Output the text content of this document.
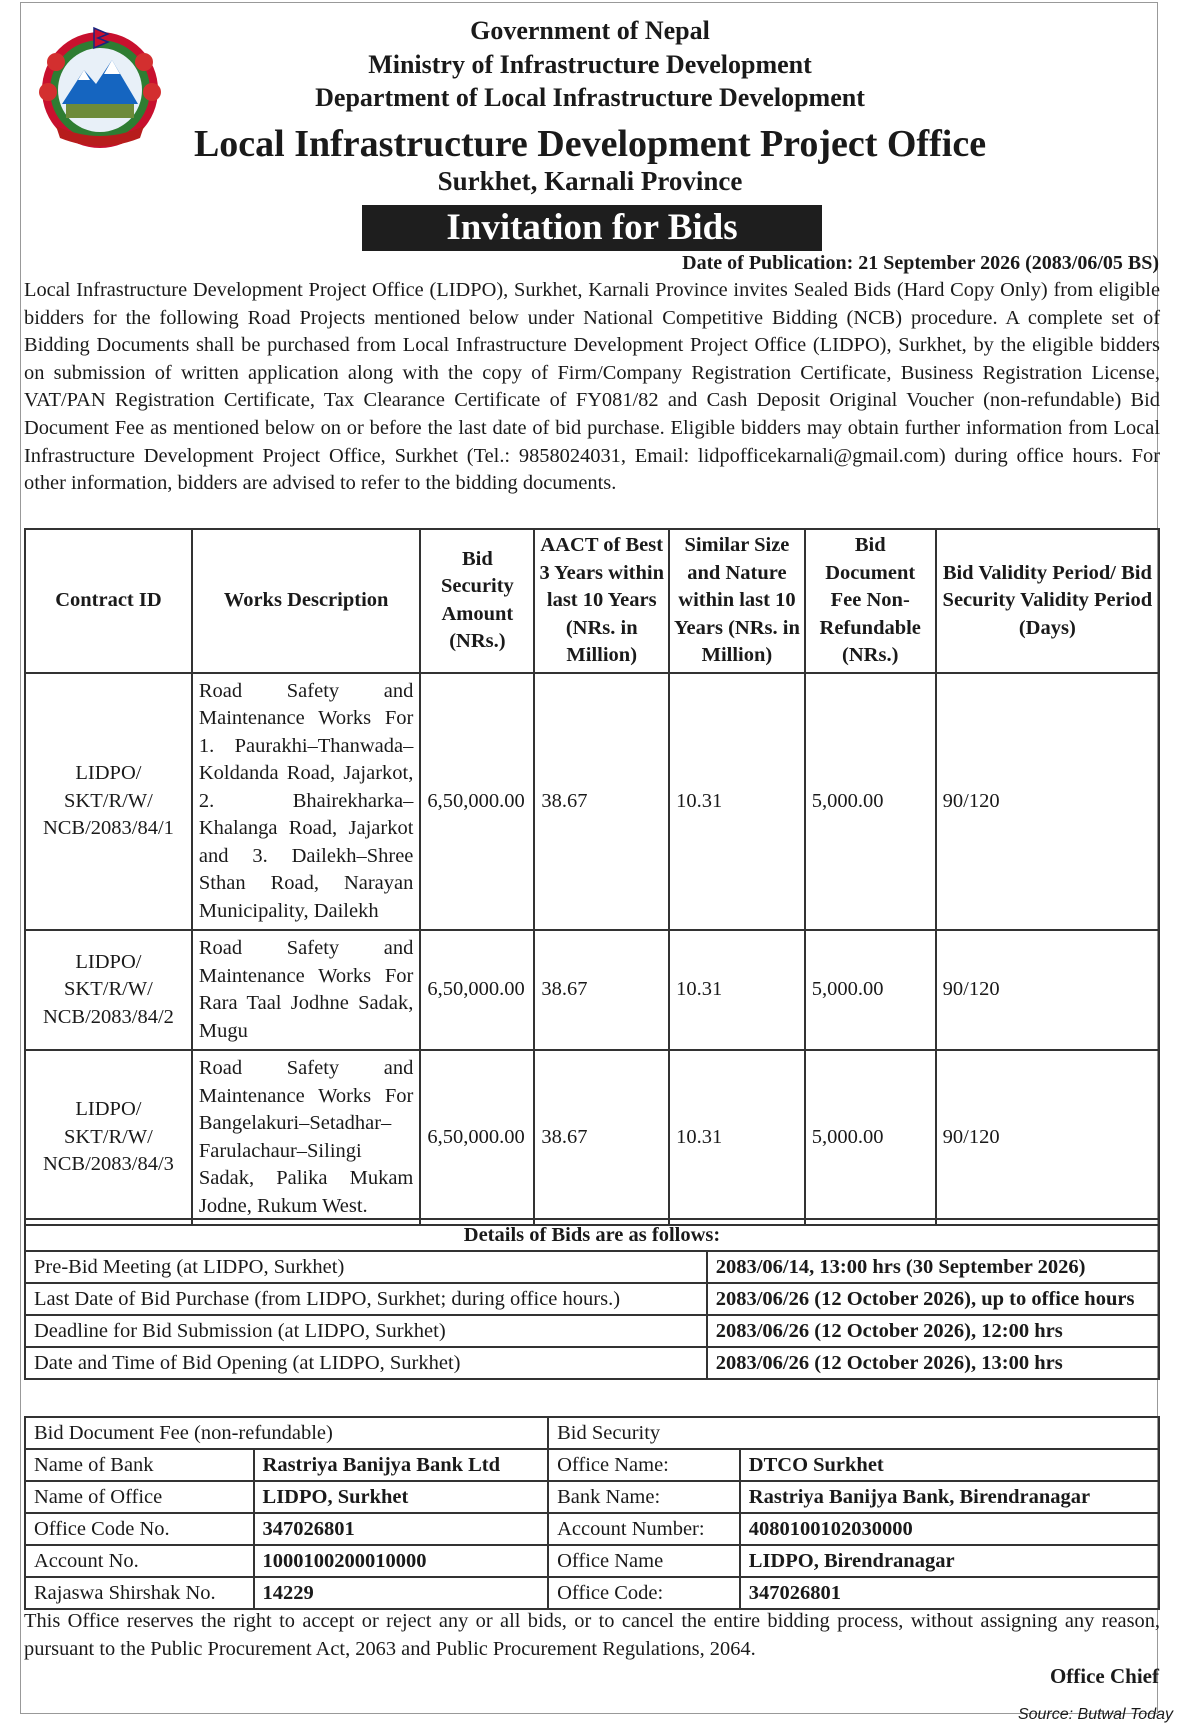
Government of Nepal
Ministry of Infrastructure Development
Department of Local Infrastructure Development
Local Infrastructure Development Project Office
Surkhet, Karnali Province
Invitation for Bids
Date of Publication: 21 September 2026 (2083/06/05 BS)

Local Infrastructure Development Project Office (LIDPO), Surkhet, Karnali Province invites Sealed Bids (Hard Copy Only) from eligible bidders for the following Road Projects mentioned below under National Competitive Bidding (NCB) procedure. A complete set of Bidding Documents shall be purchased from Local Infrastructure Development Project Office (LIDPO), Surkhet, by the eligible bidders on submission of written application along with the copy of Firm/Company Registration Certificate, Business Registration License, VAT/PAN Registration Certificate, Tax Clearance Certificate of FY081/82 and Cash Deposit Original Voucher (non-refundable) Bid Document Fee as mentioned below on or before the last date of bid purchase. Eligible bidders may obtain further information from Local Infrastructure Development Project Office, Surkhet (Tel.: 9858024031, Email: lidpofficekarnali@gmail.com) during office hours. For other information, bidders are advised to refer to the bidding documents.

Contract ID	Works Description	Bid Security Amount (NRs.)	AACT of Best 3 Years within last 10 Years (NRs. in Million)	Similar Size and Nature within last 10 Years (NRs. in Million)	Bid Document Fee Non-Refundable (NRs.)	Bid Validity Period/ Bid Security Validity Period (Days)
LIDPO/ SKT/R/W/ NCB/2083/84/1	Road Safety and Maintenance Works For 1. Paurakhi–Thanwada–Koldanda Road, Jajarkot, 2. Bhairekharka–Khalanga Road, Jajarkot and 3. Dailekh–Shree Sthan Road, Narayan Municipality, Dailekh	6,50,000.00	38.67	10.31	5,000.00	90/120
LIDPO/ SKT/R/W/ NCB/2083/84/2	Road Safety and Maintenance Works For Rara Taal Jodhne Sadak, Mugu	6,50,000.00	38.67	10.31	5,000.00	90/120
LIDPO/ SKT/R/W/ NCB/2083/84/3	Road Safety and Maintenance Works For Bangelakuri–Setadhar–Farulachaur–Silingi Sadak, Palika Mukam Jodne, Rukum West.	6,50,000.00	38.67	10.31	5,000.00	90/120
Details of Bids are as follows:	
Pre-Bid Meeting (at LIDPO, Surkhet)	2083/06/14, 13:00 hrs (30 September 2026)
Last Date of Bid Purchase (from LIDPO, Surkhet; during office hours.)	2083/06/26 (12 October 2026), up to office hours
Deadline for Bid Submission (at LIDPO, Surkhet)	2083/06/26 (12 October 2026), 12:00 hrs
Date and Time of Bid Opening (at LIDPO, Surkhet)	2083/06/26 (12 October 2026), 13:00 hrs
Bid Document Fee (non-refundable)		Bid Security	
Name of Bank	Rastriya Banijya Bank Ltd	Office Name:	DTCO Surkhet
Name of Office	LIDPO, Surkhet	Bank Name:	Rastriya Banijya Bank, Birendranagar
Office Code No.	347026801	Account Number:	4080100102030000
Account No.	1000100200010000	Office Name	LIDPO, Birendranagar
Rajaswa Shirshak No.	14229	Office Code:	347026801

This Office reserves the right to accept or reject any or all bids, or to cancel the entire bidding process, without assigning any reason, pursuant to the Public Procurement Act, 2063 and Public Procurement Regulations, 2064.

Office Chief
Source: Butwal Today
